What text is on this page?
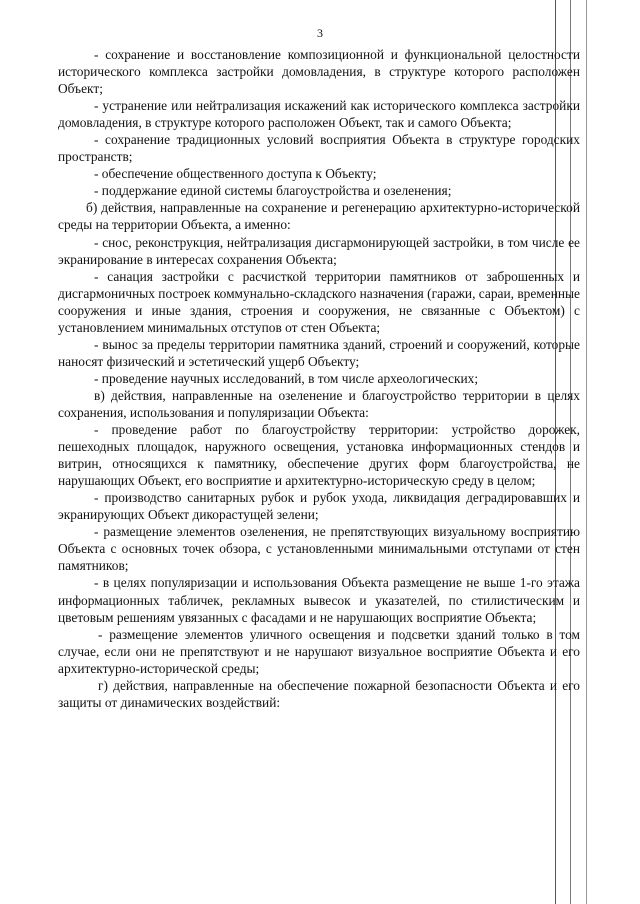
3

- сохранение и восстановление композиционной и функциональной целостности исторического комплекса застройки домовладения, в структуре которого расположен Объект;

- устранение или нейтрализация искажений как исторического комплекса застройки домовладения, в структуре которого расположен Объект, так и самого Объекта;

- сохранение традиционных условий восприятия Объекта в структуре городских пространств;

- обеспечение общественного доступа к Объекту;

- поддержание единой системы благоустройства и озеленения;

б) действия, направленные на сохранение и регенерацию архитектурно-исторической среды на территории Объекта, а именно:

- снос, реконструкция, нейтрализация дисгармонирующей застройки, в том числе ее экранирование в интересах сохранения Объекта;

- санация застройки с расчисткой территории памятников от заброшенных и дисгармоничных построек коммунально-складского назначения (гаражи, сараи, временные сооружения и иные здания, строения и сооружения, не связанные с Объектом) с установлением минимальных отступов от стен Объекта;

- вынос за пределы территории памятника зданий, строений и сооружений, которые наносят физический и эстетический ущерб Объекту;

- проведение научных исследований, в том числе археологических;

в) действия, направленные на озеленение и благоустройство территории в целях сохранения, использования и популяризации Объекта:

- проведение работ по благоустройству территории: устройство дорожек, пешеходных площадок, наружного освещения, установка информационных стендов и витрин, относящихся к памятнику, обеспечение других форм благоустройства, не нарушающих Объект, его восприятие и архитектурно-историческую среду в целом;

- производство санитарных рубок и рубок ухода, ликвидация деградировавших и экранирующих Объект дикорастущей зелени;

- размещение элементов озеленения, не препятствующих визуальному восприятию Объекта с основных точек обзора, с установленными минимальными отступами от стен памятников;

- в целях популяризации и использования Объекта размещение не выше 1-го этажа информационных табличек, рекламных вывесок и указателей, по стилистическим и цветовым решениям увязанных с фасадами и не нарушающих восприятие Объекта;

- размещение элементов уличного освещения и подсветки зданий только в том случае, если они не препятствуют и не нарушают визуальное восприятие Объекта и его архитектурно-исторической среды;

г) действия, направленные на обеспечение пожарной безопасности Объекта и его защиты от динамических воздействий:
